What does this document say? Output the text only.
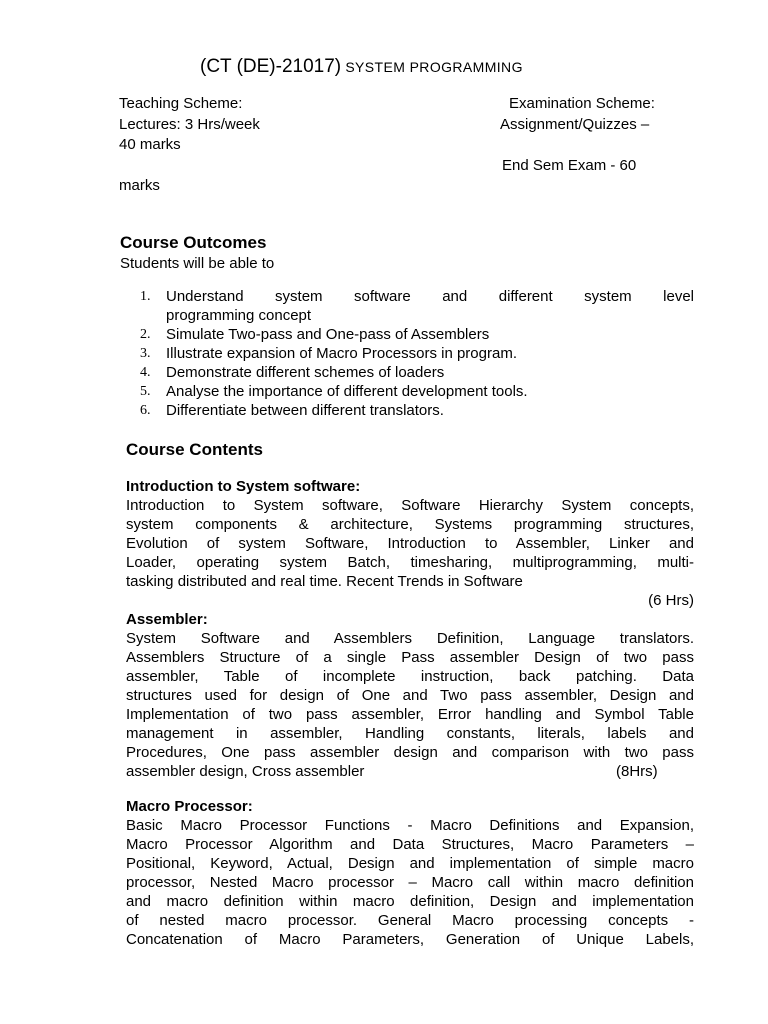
(CT (DE)-21017) SYSTEM PROGRAMMING
Teaching Scheme:
Lectures: 3 Hrs/week
Examination Scheme:
Assignment/Quizzes –
40 marks
End Sem Exam - 60
marks
Course Outcomes
Students will be able to
1. Understand system software and different system level
programming concept
2. Simulate Two-pass and One-pass of Assemblers
3. Illustrate expansion of Macro Processors in program.
4. Demonstrate different schemes of loaders
5. Analyse the importance of different development tools.
6. Differentiate between different translators.
Course Contents
Introduction to System software:
Introduction to System software, Software Hierarchy System concepts,
system components & architecture, Systems programming structures,
Evolution of system Software, Introduction to Assembler, Linker and
Loader, operating system Batch, timesharing, multiprogramming, multi-
tasking distributed and real time. Recent Trends in Software
(6 Hrs)
Assembler:
System Software and Assemblers Definition, Language translators.
Assemblers Structure of a single Pass assembler Design of two pass
assembler, Table of incomplete instruction, back patching. Data
structures used for design of One and Two pass assembler, Design and
Implementation of two pass assembler, Error handling and Symbol Table
management in assembler, Handling constants, literals, labels and
Procedures, One pass assembler design and comparison with two pass
assembler design, Cross assembler	(8Hrs)
Macro Processor:
Basic Macro Processor Functions - Macro Definitions and Expansion,
Macro Processor Algorithm and Data Structures, Macro Parameters –
Positional, Keyword, Actual, Design and implementation of simple macro
processor, Nested Macro processor – Macro call within macro definition
and macro definition within macro definition, Design and implementation
of nested macro processor. General Macro processing concepts -
Concatenation of Macro Parameters, Generation of Unique Labels,
